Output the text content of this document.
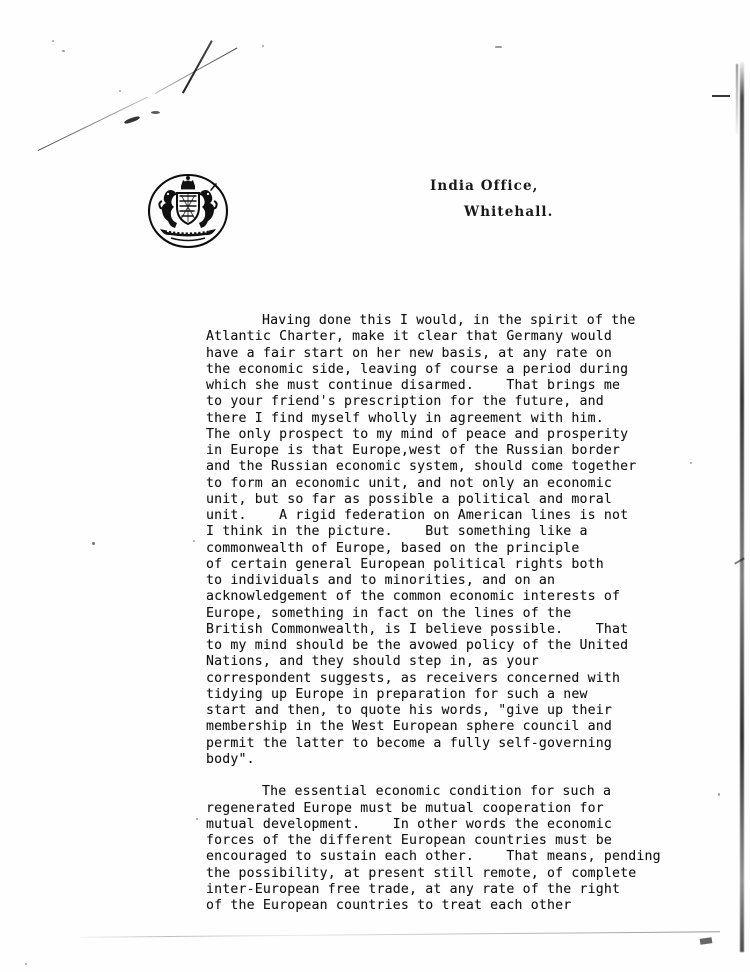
India Office,
Whitehall.

Having done this I would, in the spirit of the
Atlantic Charter, make it clear that Germany would
have a fair start on her new basis, at any rate on
the economic side, leaving of course a period during
which she must continue disarmed.    That brings me
to your friend's prescription for the future, and
there I find myself wholly in agreement with him.
The only prospect to my mind of peace and prosperity
in Europe is that Europe,west of the Russian border
and the Russian economic system, should come together
to form an economic unit, and not only an economic
unit, but so far as possible a political and moral
unit.    A rigid federation on American lines is not
I think in the picture.    But something like a
commonwealth of Europe, based on the principle
of certain general European political rights both
to individuals and to minorities, and on an
acknowledgement of the common economic interests of
Europe, something in fact on the lines of the
British Commonwealth, is I believe possible.    That
to my mind should be the avowed policy of the United
Nations, and they should step in, as your
correspondent suggests, as receivers concerned with
tidying up Europe in preparation for such a new
start and then, to quote his words, "give up their
membership in the West European sphere council and
permit the latter to become a fully self-governing
body".

The essential economic condition for such a
regenerated Europe must be mutual cooperation for
mutual development.    In other words the economic
forces of the different European countries must be
encouraged to sustain each other.    That means, pending
the possibility, at present still remote, of complete
inter-European free trade, at any rate of the right
of the European countries to treat each other
